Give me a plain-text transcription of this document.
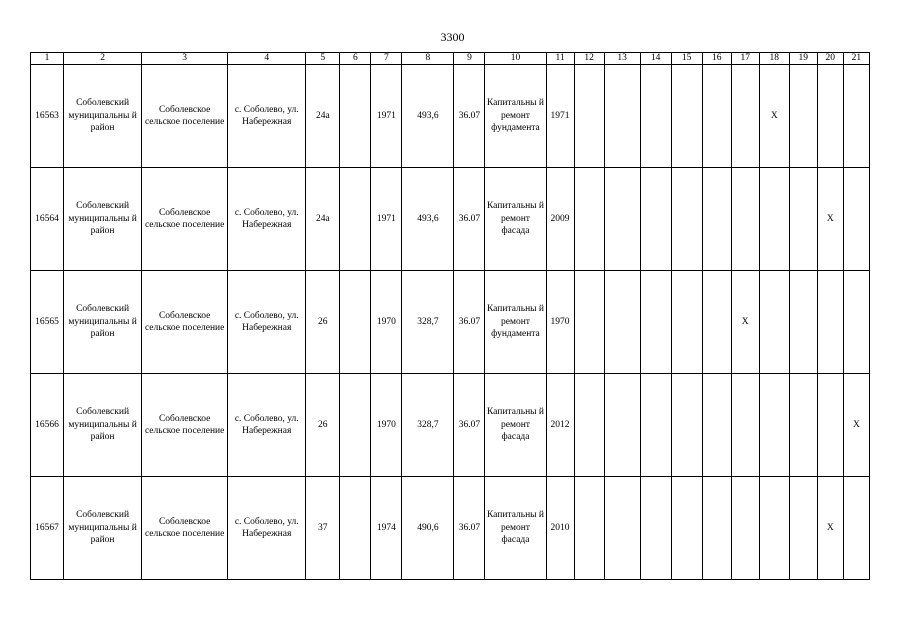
3300
1	2	3	4	5	6	7	8	9	10	11	12	13	14	15	16	17	18	19	20	21

16563	Соболевский муниципальны й район	Соболевское сельское поселение	с. Соболево, ул. Набережная	24а		1971	493,6	36.07	Капитальны й ремонт фундамента	1971							X			

16564	Соболевский муниципальны й район	Соболевское сельское поселение	с. Соболево, ул. Набережная	24а		1971	493,6	36.07	Капитальны й ремонт фасада	2009									X	

16565	Соболевский муниципальны й район	Соболевское сельское поселение	с. Соболево, ул. Набережная	26		1970	328,7	36.07	Капитальны й ремонт фундамента	1970						X				

16566	Соболевский муниципальны й район	Соболевское сельское поселение	с. Соболево, ул. Набережная	26		1970	328,7	36.07	Капитальны й ремонт фасада	2012										X

16567	Соболевский муниципальны й район	Соболевское сельское поселение	с. Соболево, ул. Набережная	37		1974	490,6	36.07	Капитальны й ремонт фасада	2010									X	
